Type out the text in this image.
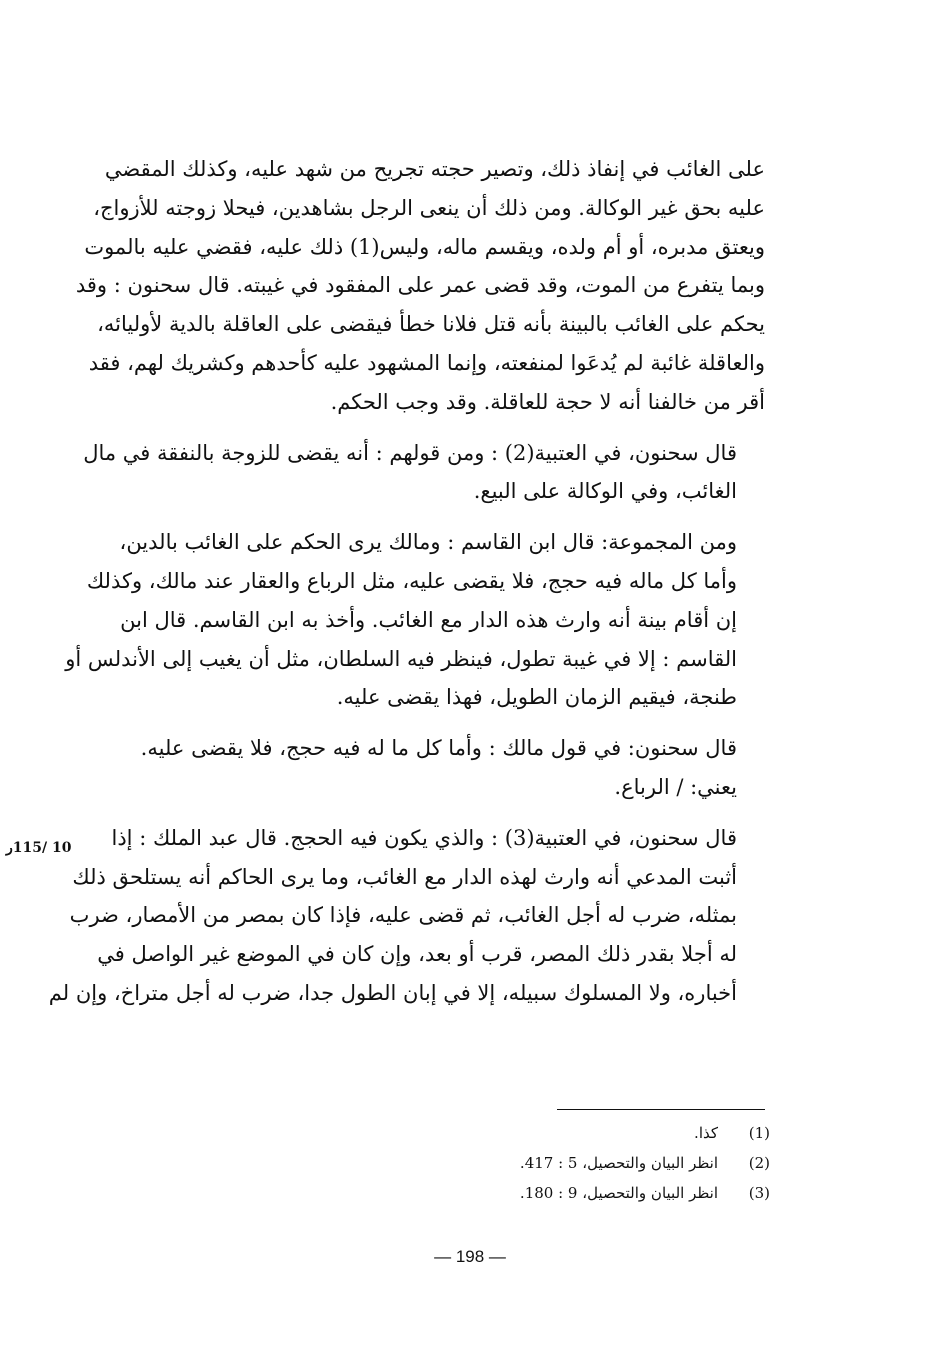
على الغائب في إنفاذ ذلك، وتصير حجته تجريح من شهد عليه، وكذلك المقضي
عليه بحق غير الوكالة. ومن ذلك أن ينعى الرجل بشاهدين، فيحلا زوجته للأزواج،
ويعتق مدبره، أو أم ولده، ويقسم ماله، وليس(1) ذلك عليه، فقضي عليه بالموت
وبما يتفرع من الموت، وقد قضى عمر على المفقود في غيبته. قال سحنون : وقد
يحكم على الغائب بالبينة بأنه قتل فلانا خطأ فيقضى على العاقلة بالدية لأوليائه،
والعاقلة غائبة لم يُدعَوا لمنفعته، وإنما المشهود عليه كأحدهم وكشريك لهم، فقد
أقر من خالفنا أنه لا حجة للعاقلة. وقد وجب الحكم.
قال سحنون، في العتبية(2) : ومن قولهم : أنه يقضى للزوجة بالنفقة في مال
الغائب، وفي الوكالة على البيع.
ومن المجموعة: قال ابن القاسم : ومالك يرى الحكم على الغائب بالدين،
وأما كل ماله فيه حجج، فلا يقضى عليه، مثل الرباع والعقار عند مالك، وكذلك
إن أقام بينة أنه وارث هذه الدار مع الغائب. وأخذ به ابن القاسم. قال ابن
القاسم : إلا في غيبة تطول، فينظر فيه السلطان، مثل أن يغيب إلى الأندلس أو
طنجة، فيقيم الزمان الطويل، فهذا يقضى عليه.
قال سحنون: في قول مالك : وأما كل ما له فيه حجج، فلا يقضى عليه.
يعني: / الرباع.
قال سحنون، في العتبية(3) : والذي يكون فيه الحجج. قال عبد الملك : إذا
أثبت المدعي أنه وارث لهذه الدار مع الغائب، وما يرى الحاكم أنه يستلحق ذلك
بمثله، ضرب له أجل الغائب، ثم قضى عليه، فإذا كان بمصر من الأمصار، ضرب
له أجلا بقدر ذلك المصر، قرب أو بعد، وإن كان في الموضع غير الواصل في
أخباره، ولا المسلوك سبيله، إلا في إبان الطول جدا، ضرب له أجل متراخ، وإن لم
10 /115ر
(1)
كذا.
(2)
انظر البيان والتحصيل، 5 : 417.
(3)
انظر البيان والتحصيل، 9 : 180.
— 198 —
